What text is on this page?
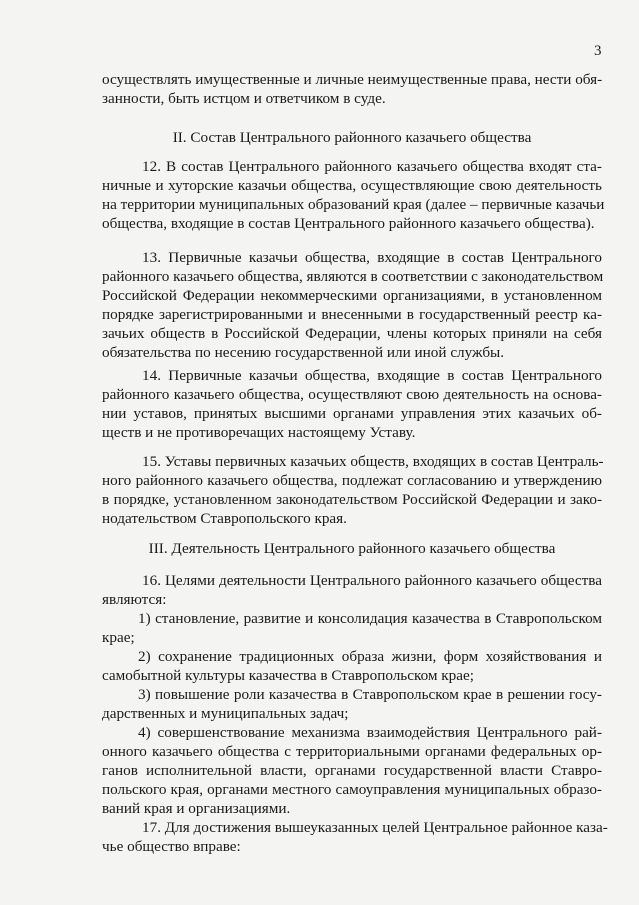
3
осуществлять имущественные и личные неимущественные права, нести обя-
занности, быть истцом и ответчиком в суде.
II. Состав Центрального районного казачьего общества
12. В состав Центрального районного казачьего общества входят ста-
ничные и хуторские казачьи общества, осуществляющие свою деятельность
на территории муниципальных образований края (далее – первичные казачьи
общества, входящие в состав Центрального районного казачьего общества).
13. Первичные казачьи общества, входящие в состав Центрального
районного казачьего общества, являются в соответствии с законодательством
Российской Федерации некоммерческими организациями, в установленном
порядке зарегистрированными и внесенными в государственный реестр ка-
зачьих обществ в Российской Федерации, члены которых приняли на себя
обязательства по несению государственной или иной службы.
14. Первичные казачьи общества, входящие в состав Центрального
районного казачьего общества, осуществляют свою деятельность на основа-
нии уставов, принятых высшими органами управления этих казачьих об-
ществ и не противоречащих настоящему Уставу.
15. Уставы первичных казачьих обществ, входящих в состав Централь-
ного районного казачьего общества, подлежат согласованию и утверждению
в порядке, установленном законодательством Российской Федерации и зако-
нодательством Ставропольского края.
III. Деятельность Центрального районного казачьего общества
16. Целями деятельности Центрального районного казачьего общества
являются:
1) становление, развитие и консолидация казачества в Ставропольском
крае;
2) сохранение традиционных образа жизни, форм хозяйствования и
самобытной культуры казачества в Ставропольском крае;
3) повышение роли казачества в Ставропольском крае в решении госу-
дарственных и муниципальных задач;
4) совершенствование механизма взаимодействия Центрального рай-
онного казачьего общества с территориальными органами федеральных ор-
ганов исполнительной власти, органами государственной власти Ставро-
польского края, органами местного самоуправления муниципальных образо-
ваний края и организациями.
17. Для достижения вышеуказанных целей Центральное районное каза-
чье общество вправе:
